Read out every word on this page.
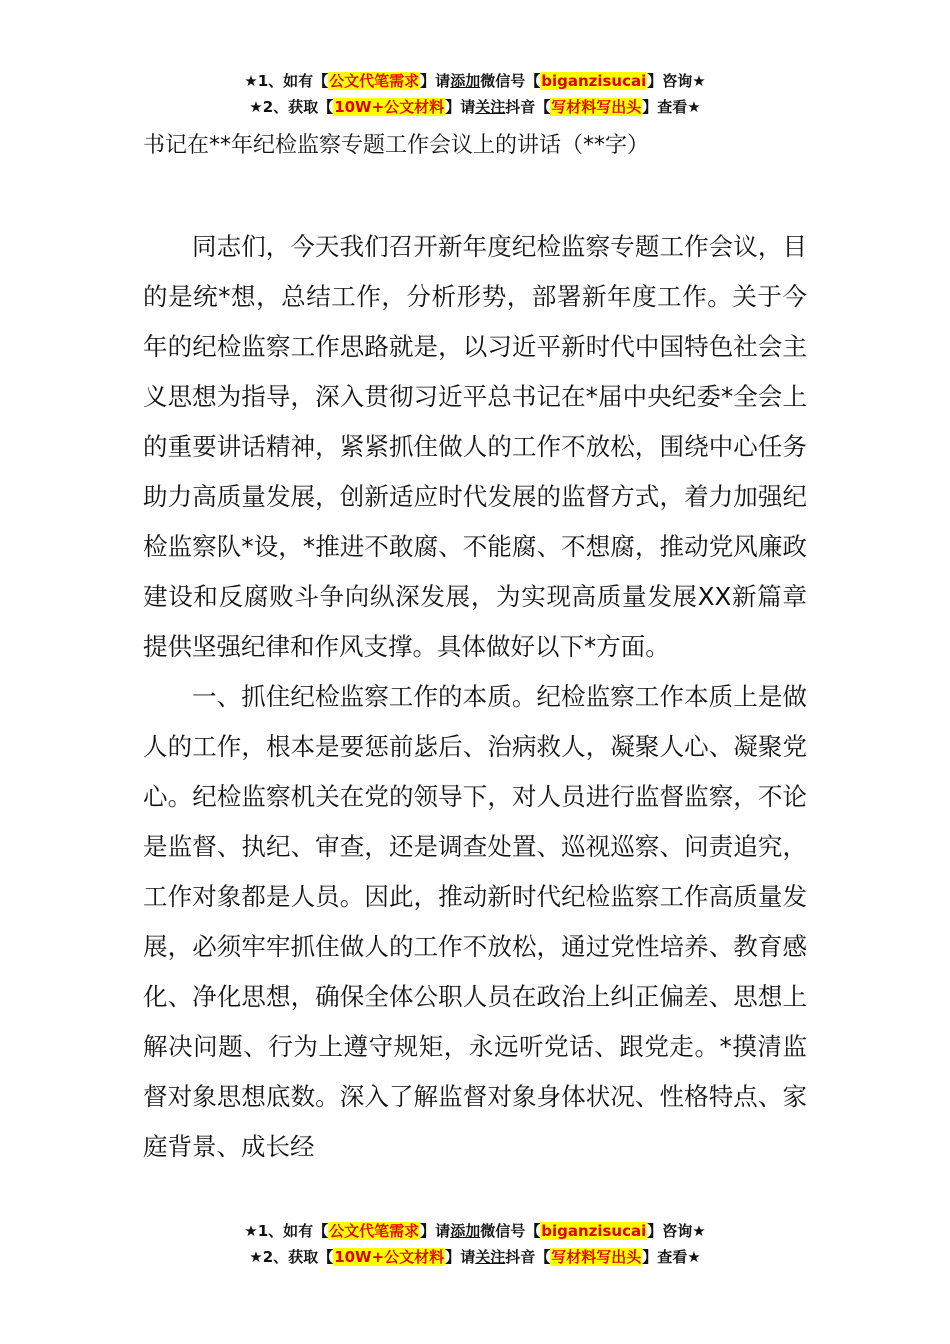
★1、如有【公文代笔需求】请添加微信号【biganzisucai】咨询★
★2、获取【10W+公文材料】请关注抖音【写材料写出头】查看★
书记在**年纪检监察专题工作会议上的讲话（**字）

同志们，今天我们召开新年度纪检监察专题工作会议，目的是统*想，总结工作，分析形势，部署新年度工作。关于今年的纪检监察工作思路就是，以习近平新时代中国特色社会主义思想为指导，深入贯彻习近平总书记在*届中央纪委*全会上的重要讲话精神，紧紧抓住做人的工作不放松，围绕中心任务助力高质量发展，创新适应时代发展的监督方式，着力加强纪检监察队*设，*推进不敢腐、不能腐、不想腐，推动党风廉政建设和反腐败斗争向纵深发展，为实现高质量发展XX新篇章提供坚强纪律和作风支撑。具体做好以下*方面。

一、抓住纪检监察工作的本质。纪检监察工作本质上是做人的工作，根本是要惩前毖后、治病救人，凝聚人心、凝聚党心。纪检监察机关在党的领导下，对人员进行监督监察，不论是监督、执纪、审查，还是调查处置、巡视巡察、问责追究，工作对象都是人员。因此，推动新时代纪检监察工作高质量发展，必须牢牢抓住做人的工作不放松，通过党性培养、教育感化、净化思想，确保全体公职人员在政治上纠正偏差、思想上解决问题、行为上遵守规矩，永远听党话、跟党走。*摸清监督对象思想底数。深入了解监督对象身体状况、性格特点、家庭背景、成长经

★1、如有【公文代笔需求】请添加微信号【biganzisucai】咨询★
★2、获取【10W+公文材料】请关注抖音【写材料写出头】查看★
